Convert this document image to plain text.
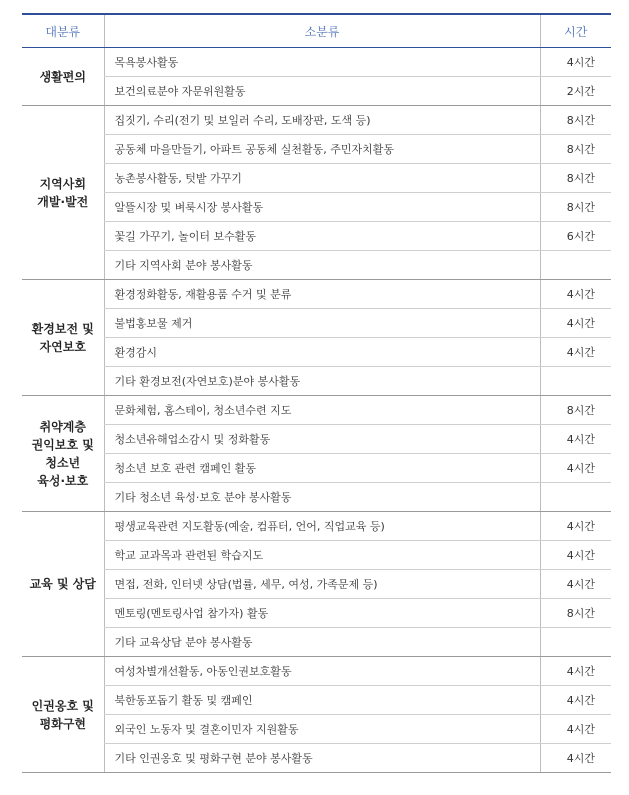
대분류	소분류	시간
생활편의	목욕봉사활동	4시간
	보건의료분야 자문위원활동	2시간
지역사회
개발·발전	집짓기, 수리(전기 및 보일러 수리, 도배장판, 도색 등)	8시간
	공동체 마을만들기, 아파트 공동체 실천활동, 주민자치활동	8시간
	농촌봉사활동, 텃밭 가꾸기	8시간
	알뜰시장 및 벼룩시장 봉사활동	8시간
	꽃길 가꾸기, 놀이터 보수활동	6시간
	기타 지역사회 분야 봉사활동	
환경보전 및
자연보호	환경정화활동, 재활용품 수거 및 분류	4시간
	불법홍보물 제거	4시간
	환경감시	4시간
	기타 환경보전(자연보호)분야 봉사활동	
취약계층
권익보호 및
청소년
육성·보호	문화체험, 홈스테이, 청소년수련 지도	8시간
	청소년유해업소감시 및 정화활동	4시간
	청소년 보호 관련 캠페인 활동	4시간
	기타 청소년 육성·보호 분야 봉사활동	
교육 및 상담	평생교육관련 지도활동(예술, 컴퓨터, 언어, 직업교육 등)	4시간
	학교 교과목과 관련된 학습지도	4시간
	면접, 전화, 인터넷 상담(법률, 세무, 여성, 가족문제 등)	4시간
	멘토링(멘토링사업 참가자) 활동	8시간
	기타 교육상담 분야 봉사활동	
인권옹호 및
평화구현	여성차별개선활동, 아동인권보호활동	4시간
	북한동포돕기 활동 및 캠페인	4시간
	외국인 노동자 및 결혼이민자 지원활동	4시간
	기타 인권옹호 및 평화구현 분야 봉사활동	4시간
